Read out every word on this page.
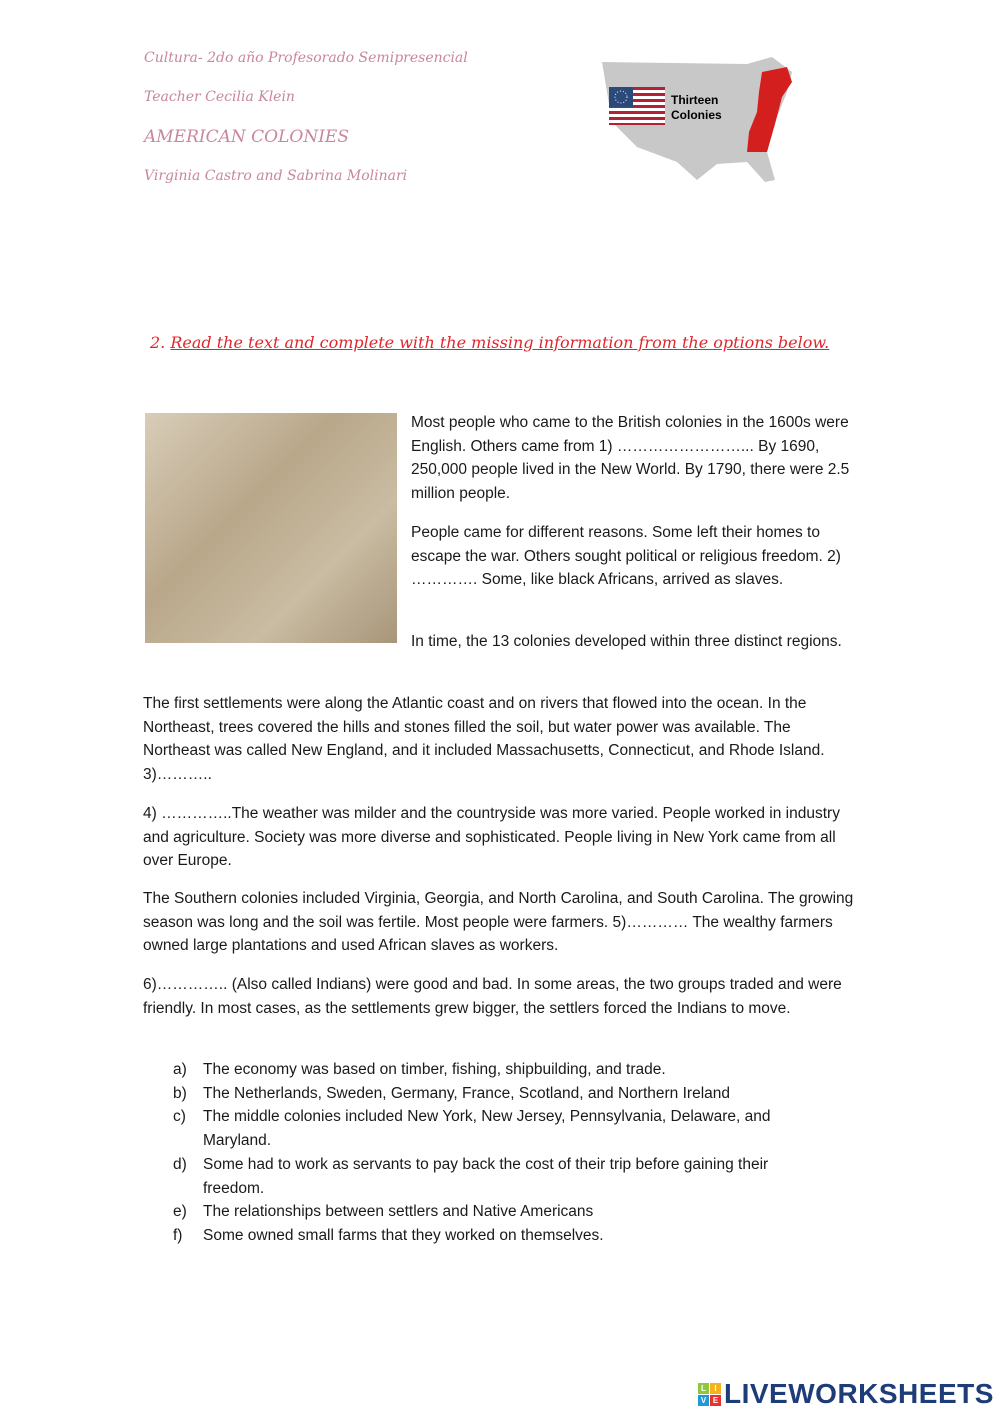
Cultura- 2do año Profesorado Semipresencial
Teacher Cecilia Klein
AMERICAN COLONIES
Virginia Castro and Sabrina Molinari
Thirteen
Colonies
2. Read the text and complete with the missing information from the options below.
Most people who came to the British colonies in the 1600s were English. Others came from 1) ……………………... By 1690, 250,000 people lived in the New World. By 1790, there were 2.5 million people.
People came for different reasons. Some left their homes to escape the war. Others sought political or religious freedom. 2) …………. Some, like black Africans, arrived as slaves.
In time, the 13 colonies developed within three distinct regions.
The first settlements were along the Atlantic coast and on rivers that flowed into the ocean. In the Northeast, trees covered the hills and stones filled the soil, but water power was available. The Northeast was called New England, and it included Massachusetts, Connecticut, and Rhode Island. 3)………..
4) …………..The weather was milder and the countryside was more varied. People worked in industry and agriculture. Society was more diverse and sophisticated. People living in New York came from all over Europe.
The Southern colonies included Virginia, Georgia, and North Carolina, and South Carolina. The growing season was long and the soil was fertile. Most people were farmers. 5)………… The wealthy farmers owned large plantations and used African slaves as workers.
6)………….. (Also called Indians) were good and bad. In some areas, the two groups traded and were friendly. In most cases, as the settlements grew bigger, the settlers forced the Indians to move.
a)	The economy was based on timber, fishing, shipbuilding, and trade.
b)	The Netherlands, Sweden, Germany, France, Scotland, and Northern Ireland
c)	The middle colonies included New York, New Jersey, Pennsylvania, Delaware, and Maryland.
d)	Some had to work as servants to pay back the cost of their trip before gaining their freedom.
e)	The relationships between settlers and Native Americans
f)	Some owned small farms that they worked on themselves.
L	I
V E LIVEWORKSHEETS
